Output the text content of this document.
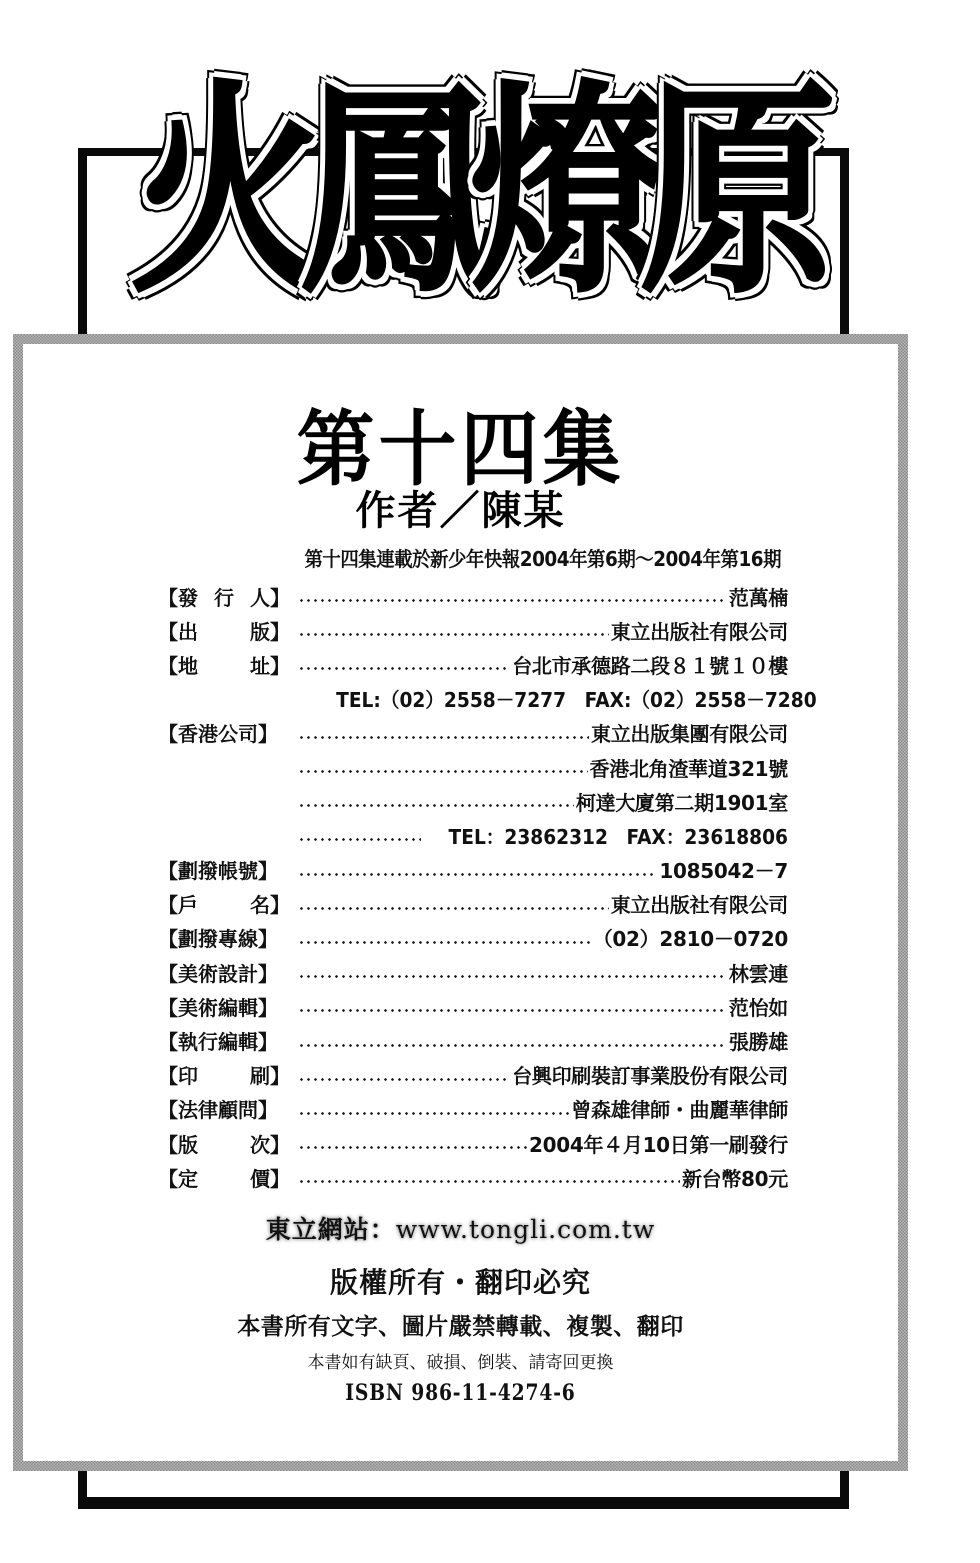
火
鳳
燎
原
第十四集
作者／陳某
第十四集連載於新少年快報2004年第6期～2004年第16期
【發 行 人】	范萬楠
【出	版】	東立出版社有限公司
【地	址】	台北市承德路二段８１號１０樓
TEL:（02）2558－7277　FAX:（02）2558－7280
【香港公司】	東立出版集團有限公司
香港北角渣華道321號
柯達大廈第二期1901室
TEL：23862312　FAX：23618806
【劃撥帳號】	1085042－7
【戶	名】	東立出版社有限公司
【劃撥專線】	（02）2810－0720
【美術設計】	林雲連
【美術編輯】	范怡如
【執行編輯】	張勝雄
【印	刷】	台興印刷裝訂事業股份有限公司
【法律顧問】	曾森雄律師・曲麗華律師
【版	次】	2004年４月10日第一刷發行
【定	價】	新台幣80元
東立網站：www.tongli.com.tw
版權所有・翻印必究
本書所有文字、圖片嚴禁轉載、複製、翻印
本書如有缺頁、破損、倒裝、請寄回更換
ISBN 986-11-4274-6
